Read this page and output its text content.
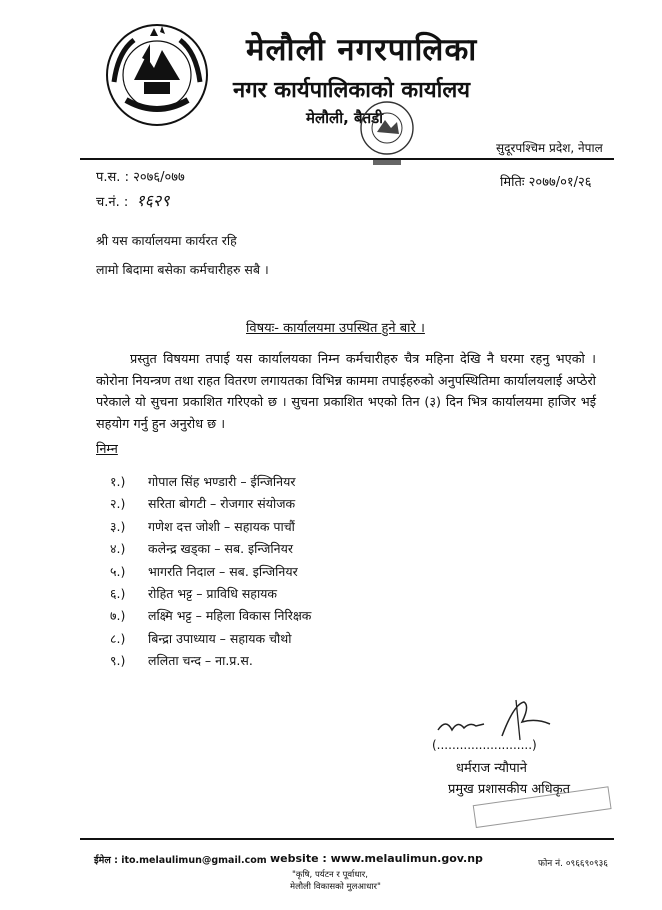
मेलौली नगरपालिका
नगर कार्यपालिकाको कार्यालय
मेलौली, बैतडी
सुदूरपश्चिम प्रदेश, नेपाल
प.स. : २०७६/०७७
च.नं. : १६२९
मितिः २०७७/०१/२६
श्री यस कार्यालयमा कार्यरत रहि
लामो बिदामा बसेका कर्मचारीहरु सबै ।
विषयः- कार्यालयमा उपस्थित हुने बारे ।
प्रस्तुत विषयमा तपाई यस कार्यालयका निम्न कर्मचारीहरु चैत्र महिना देखि नै घरमा रहनु भएको । कोरोना नियन्त्रण तथा राहत वितरण लगायतका विभिन्न काममा तपाईहरुको अनुपस्थितिमा कार्यालयलाई अप्ठेरो परेकाले यो सुचना प्रकाशित गरिएको छ । सुचना प्रकाशित भएको तिन (३) दिन भित्र कार्यालयमा हाजिर भई सहयोग गर्नु हुन अनुरोध छ ।
निम्न
१.)	गोपाल सिंह भण्डारी – ईन्जिनियर
२.)	सरिता बोगटी – रोजगार संयोजक
३.)	गणेश दत्त जोशी – सहायक पाचौं
४.)	कलेन्द्र खड्का – सब. इन्जिनियर
५.)	भागरति निदाल – सब. इन्जिनियर
६.)	रोहित भट्ट – प्राविधि सहायक
७.)	लक्ष्मि भट्ट – महिला विकास निरिक्षक
८.)	बिन्द्रा उपाध्याय – सहायक चौथो
९.)	ललिता चन्द – ना.प्र.स.
(.........................)
धर्मराज न्यौपाने
प्रमुख प्रशासकीय अधिकृत
ईमेल : ito.melaulimun@gmail.com website : www.melaulimun.gov.np	फोन नं. ०९६६९०९३६
"कृषि, पर्यटन र पूर्वाधार,
मेलौली विकासको मुलआधार"
